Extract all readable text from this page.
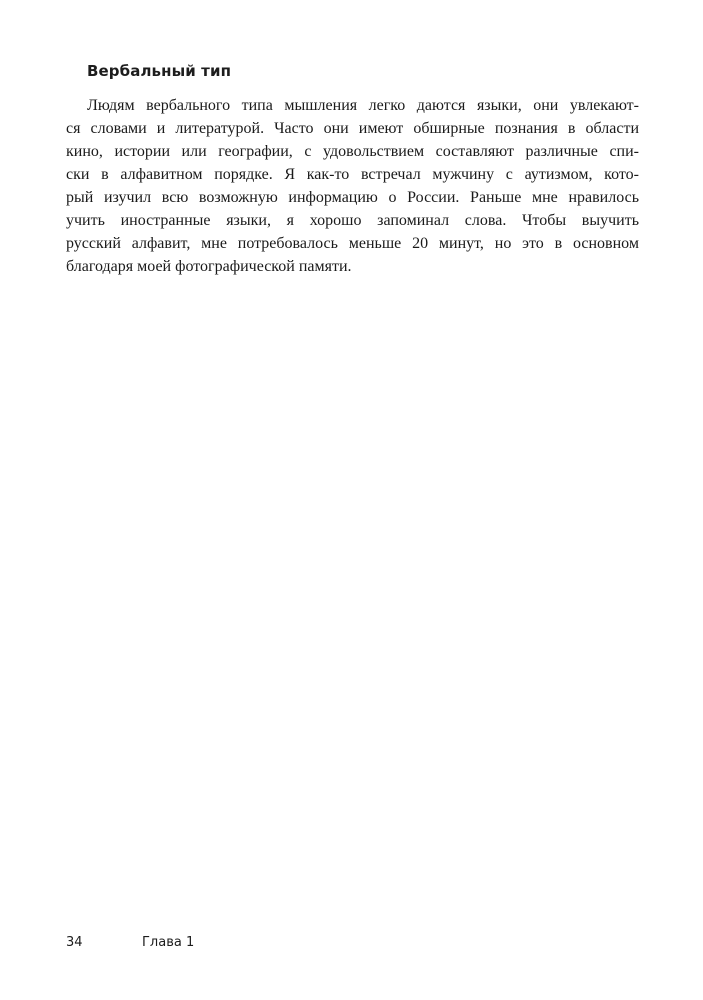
Вербальный тип
Людям вербального типа мышления легко даются языки, они увлекают-
ся словами и литературой. Часто они имеют обширные познания в области
кино, истории или географии, с удовольствием составляют различные спи-
ски в алфавитном порядке. Я как-то встречал мужчину с аутизмом, кото-
рый изучил всю возможную информацию о России. Раньше мне нравилось
учить иностранные языки, я хорошо запоминал слова. Чтобы выучить
русский алфавит, мне потребовалось меньше 20 минут, но это в основном
благодаря моей фотографической памяти.
34	Глава 1
